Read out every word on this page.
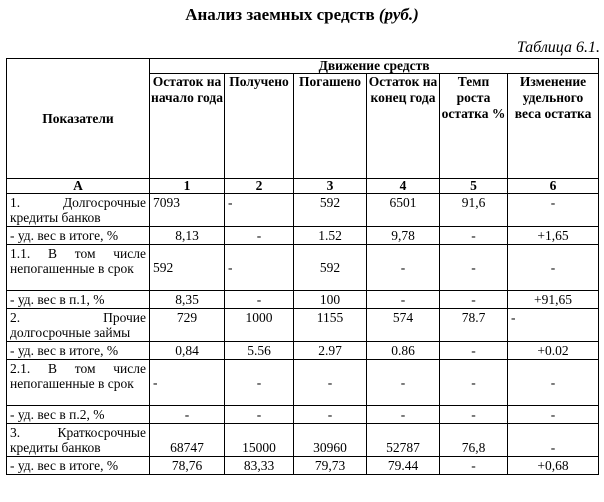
Анализ заемных средств (руб.)
Таблица 6.1.
Показатели	Движение средств					
	Остаток на начало года	Получено	Погашено	Остаток на конец года	Темп роста остатка %	Изменение удельного веса остатка
А	1	2	3	4	5	6
1. Долгосрочные кредиты банков	7093	-	592	6501	91,6	-
- уд. вес в итоге, %	8,13	-	1.52	9,78	-	+1,65
1.1. В том числе непогашенные в срок	592	-	592	-	-	-
- уд. вес в п.1, %	8,35	-	100	-	-	+91,65
2. Прочие долгосрочные займы	729	1000	1155	574	78.7	-
- уд. вес в итоге, %	0,84	5.56	2.97	0.86	-	+0.02
2.1. В том числе непогашенные в срок	-	-	-	-	-	-
- уд. вес в п.2, %	-	-	-	-	-	-
3. Краткосрочные кредиты банков	68747	15000	30960	52787	76,8	-
- уд. вес в итоге, %	78,76	83,33	79,73	79.44	-	+0,68
